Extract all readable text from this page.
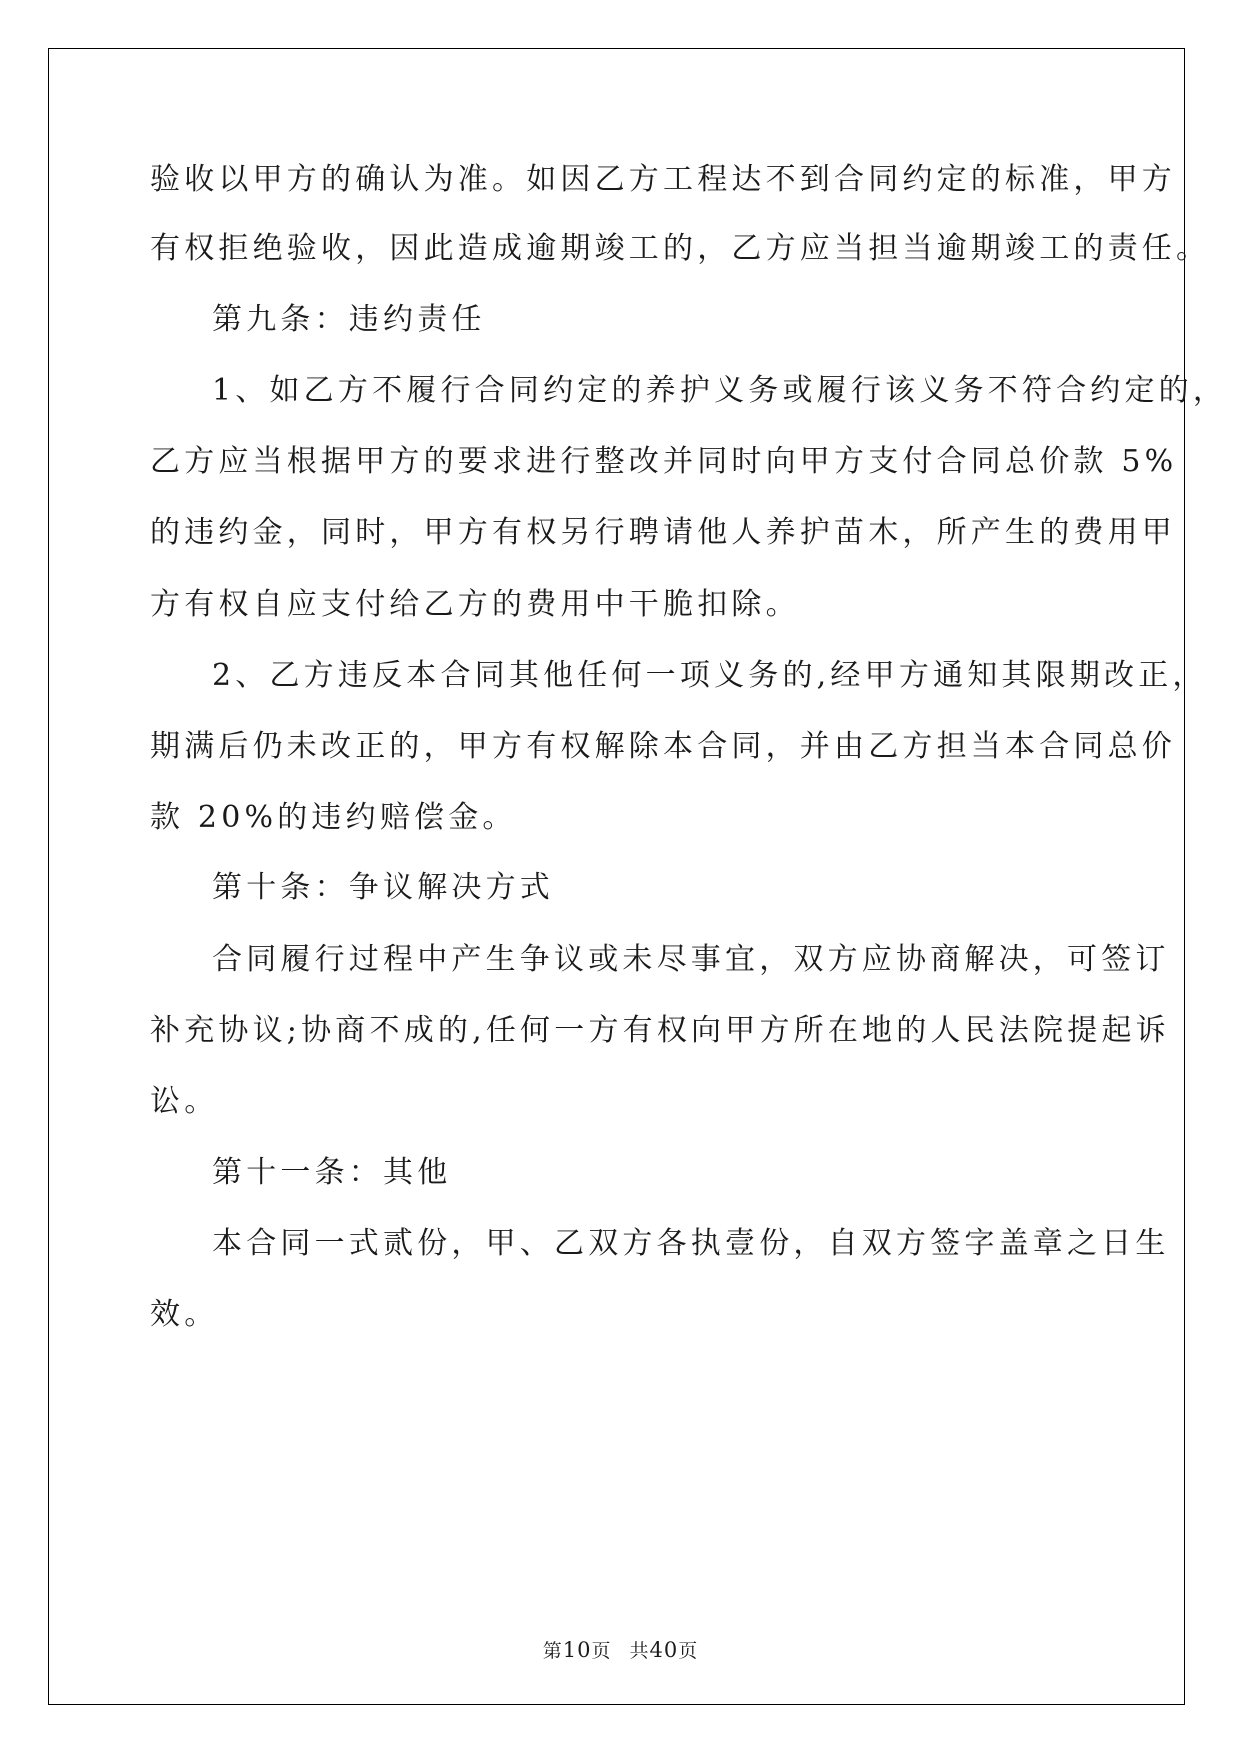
验收以甲方的确认为准。如因乙方工程达不到合同约定的标准，甲方
有权拒绝验收，因此造成逾期竣工的，乙方应当担当逾期竣工的责任。
第九条：违约责任
1、如乙方不履行合同约定的养护义务或履行该义务不符合约定的，
乙方应当根据甲方的要求进行整改并同时向甲方支付合同总价款 5%
的违约金，同时，甲方有权另行聘请他人养护苗木，所产生的费用甲
方有权自应支付给乙方的费用中干脆扣除。
2、乙方违反本合同其他任何一项义务的,经甲方通知其限期改正，
期满后仍未改正的，甲方有权解除本合同，并由乙方担当本合同总价
款 20%的违约赔偿金。
第十条：争议解决方式
合同履行过程中产生争议或未尽事宜，双方应协商解决，可签订
补充协议;协商不成的,任何一方有权向甲方所在地的人民法院提起诉
讼。
第十一条：其他
本合同一式贰份，甲、乙双方各执壹份，自双方签字盖章之日生
效。
第10页 共40页
